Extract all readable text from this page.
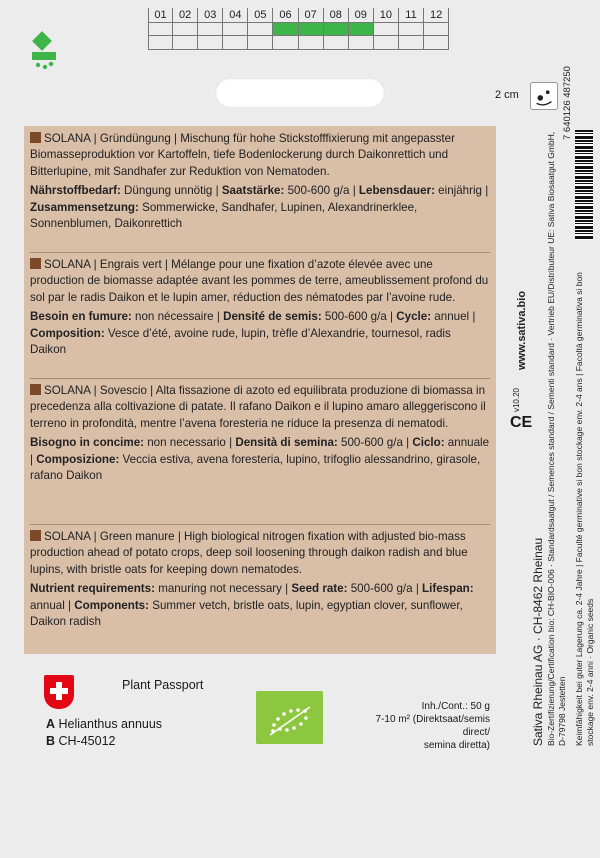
01	02	03	04	05	06	07	08	09	10	11	12
2 cm
SOLANA | Gründüngung | Mischung für hohe Stickstofffixierung mit angepasster Biomasseproduktion vor Kartoffeln, tiefe Bodenlockerung durch Daikonrettich und Bitterlupine, mit Sandhafer zur Reduktion von Nematoden.
Nährstoffbedarf: Düngung unnötig | Saatstärke: 500-600 g/a | Lebensdauer: einjährig | Zusammensetzung: Sommerwicke, Sandhafer, Lupinen, Alexandrinerklee, Sonnenblumen, Daikonrettich
SOLANA | Engrais vert | Mélange pour une fixation d’azote élevée avec une production de biomasse adaptée avant les pommes de terre, ameublissement profond du sol par le radis Daikon et le lupin amer, réduction des nématodes par l’avoine rude.
Besoin en fumure: non nécessaire | Densité de semis: 500-600 g/a | Cycle: annuel | Composition: Vesce d’été, avoine rude, lupin, trèfle d’Alexandrie, tournesol, radis Daikon
SOLANA | Sovescio | Alta fissazione di azoto ed equilibrata produzione di biomassa in precedenza alla coltivazione di patate. Il rafano Daikon e il lupino amaro alleggeriscono il terreno in profondità, mentre l’avena foresteria ne riduce la presenza di nematodi.
Bisogno in concime: non necessario | Densità di semina: 500-600 g/a | Ciclo: annuale | Composizione: Veccia estiva, avena foresteria, lupino, trifoglio alessandrino, girasole, rafano Daikon
SOLANA | Green manure | High biological nitrogen fixation with adjusted bio-mass production ahead of potato crops, deep soil loosening through daikon radish and blue lupins, with bristle oats for keeping down nematodes.
Nutrient requirements: manuring not necessary | Seed rate: 500-600 g/a | Lifespan: annual | Components: Summer vetch, bristle oats, lupin, egyptian clover, sunflower, Daikon radish
7 640126 487250
www.sativa.bio
v10.20
CE
Sativa Rheinau AG · CH-8462 Rheinau Bio-Zertifizierung/Certification bio: CH-BIO-006 · Standardsaatgut / Semences standard / Sementi standard · Vertrieb EU/Distributeur UE: Sativa Biosaatgut GmbH, D-79798 Jestetten Keimfähigkeit bei guter Lagerung ca. 2-4 Jahre | Faculté germinative si bon stockage env. 2-4 ans | Facoltà germinativa si bon stockage env. 2-4 anni · Organic seeds
Plant Passport
A Helianthus annuus
B CH-45012
Inh./Cont.: 50 g
7-10 m² (Direktsaat/semis direct/
semina diretta)
